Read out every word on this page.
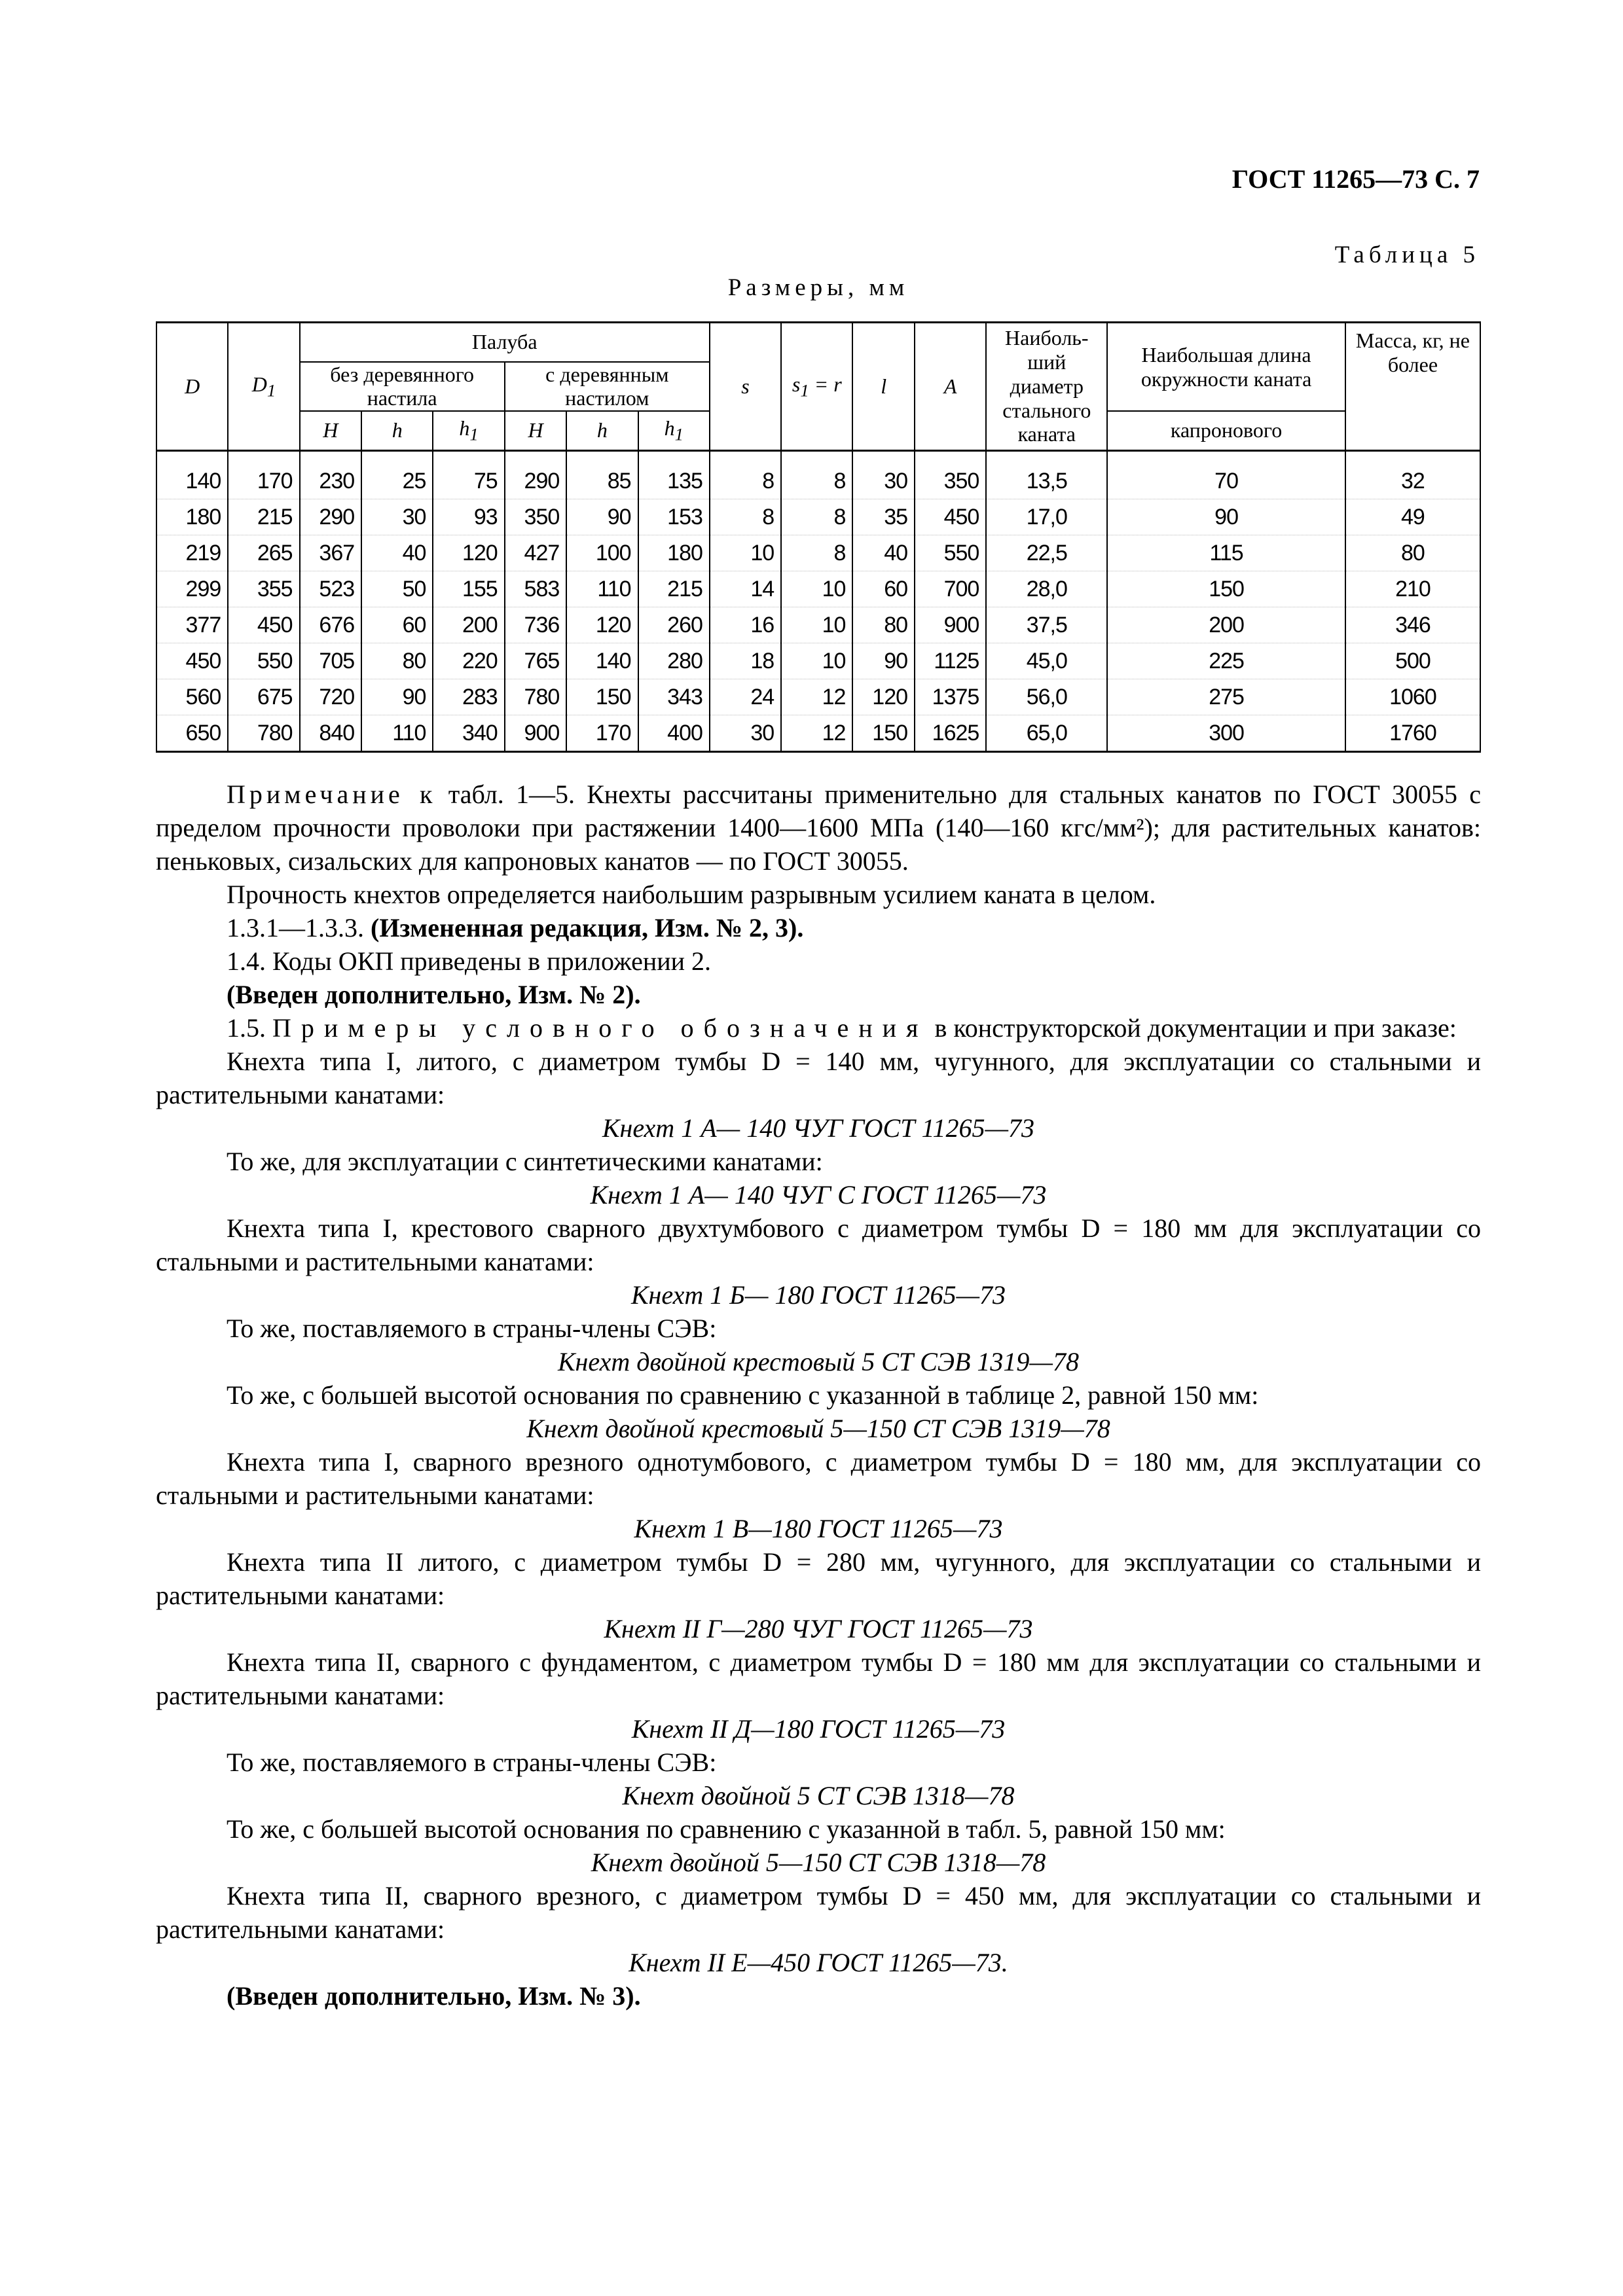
ГОСТ 11265—73 С. 7
Таблица 5
Размеры, мм
D	$D_1$	Палуба						s	$s_1 = r$	l	A	Наиболь-ший диаметр стального каната	Наибольшая длина окружности каната	Масса, кг, не более
		без деревянного настила			с деревянным настилом									
		H	h	$h_1$	H	h	$h_1$						капронового	
140	170	230	25	75	290	85	135	8	8	30	350	13,5	70	32
180	215	290	30	93	350	90	153	8	8	35	450	17,0	90	49
219	265	367	40	120	427	100	180	10	8	40	550	22,5	115	80
299	355	523	50	155	583	110	215	14	10	60	700	28,0	150	210
377	450	676	60	200	736	120	260	16	10	80	900	37,5	200	346
450	550	705	80	220	765	140	280	18	10	90	1125	45,0	225	500
560	675	720	90	283	780	150	343	24	12	120	1375	56,0	275	1060
650	780	840	110	340	900	170	400	30	12	150	1625	65,0	300	1760

Примечание к табл. 1—5. Кнехты рассчитаны применительно для стальных канатов по ГОСТ 30055 с пределом прочности проволоки при растяжении 1400—1600 МПа (140—160 кгс/мм²); для растительных канатов: пеньковых, сизальских для капроновых канатов — по ГОСТ 30055.

Прочность кнехтов определяется наибольшим разрывным усилием каната в целом.

1.3.1—1.3.3. (Измененная редакция, Изм. № 2, 3).

1.4. Коды ОКП приведены в приложении 2.

(Введен дополнительно, Изм. № 2).

1.5. Примеры условного обозначения в конструкторской документации и при заказе:

Кнехта типа I, литого, с диаметром тумбы D = 140 мм, чугунного, для эксплуатации со стальными и растительными канатами:

Кнехт 1 А— 140 ЧУГ ГОСТ 11265—73

То же, для эксплуатации с синтетическими канатами:

Кнехт 1 А— 140 ЧУГ С ГОСТ 11265—73

Кнехта типа I, крестового сварного двухтумбового с диаметром тумбы D = 180 мм для эксплуатации со стальными и растительными канатами:

Кнехт 1 Б— 180 ГОСТ 11265—73

То же, поставляемого в страны-члены СЭВ:

Кнехт двойной крестовый 5 СТ СЭВ 1319—78

То же, с большей высотой основания по сравнению с указанной в таблице 2, равной 150 мм:

Кнехт двойной крестовый 5—150 СТ СЭВ 1319—78

Кнехта типа I, сварного врезного однотумбового, с диаметром тумбы D = 180 мм, для эксплуатации со стальными и растительными канатами:

Кнехт 1 В—180 ГОСТ 11265—73

Кнехта типа II литого, с диаметром тумбы D = 280 мм, чугунного, для эксплуатации со стальными и растительными канатами:

Кнехт II Г—280 ЧУГ ГОСТ 11265—73

Кнехта типа II, сварного с фундаментом, с диаметром тумбы D = 180 мм для эксплуатации со стальными и растительными канатами:

Кнехт II Д—180 ГОСТ 11265—73

То же, поставляемого в страны-члены СЭВ:

Кнехт двойной 5 СТ СЭВ 1318—78

То же, с большей высотой основания по сравнению с указанной в табл. 5, равной 150 мм:

Кнехт двойной 5—150 СТ СЭВ 1318—78

Кнехта типа II, сварного врезного, с диаметром тумбы D = 450 мм, для эксплуатации со стальными и растительными канатами:

Кнехт II Е—450 ГОСТ 11265—73.

(Введен дополнительно, Изм. № 3).
